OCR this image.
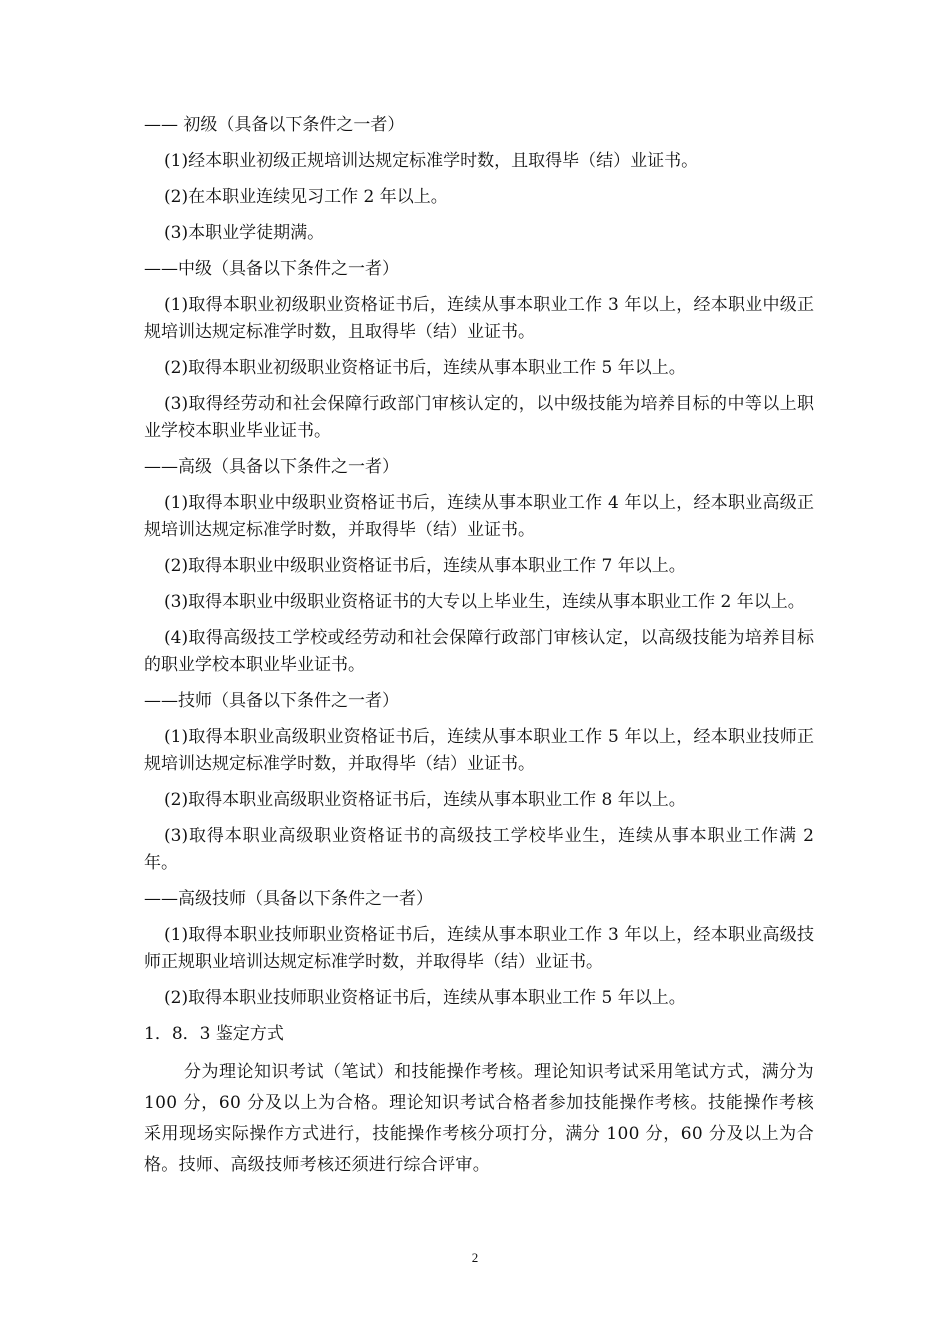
—— 初级（具备以下条件之一者）

(1)经本职业初级正规培训达规定标准学时数，且取得毕（结）业证书。

(2)在本职业连续见习工作 2 年以上。

(3)本职业学徒期满。

——中级（具备以下条件之一者）

(1)取得本职业初级职业资格证书后，连续从事本职业工作 3 年以上，经本职业中级正规培训达规定标准学时数，且取得毕（结）业证书。

(2)取得本职业初级职业资格证书后，连续从事本职业工作 5 年以上。

(3)取得经劳动和社会保障行政部门审核认定的，以中级技能为培养目标的中等以上职业学校本职业毕业证书。

——高级（具备以下条件之一者）

(1)取得本职业中级职业资格证书后，连续从事本职业工作 4 年以上，经本职业高级正规培训达规定标准学时数，并取得毕（结）业证书。

(2)取得本职业中级职业资格证书后，连续从事本职业工作 7 年以上。

(3)取得本职业中级职业资格证书的大专以上毕业生，连续从事本职业工作 2 年以上。

(4)取得高级技工学校或经劳动和社会保障行政部门审核认定，以高级技能为培养目标的职业学校本职业毕业证书。

——技师（具备以下条件之一者）

(1)取得本职业高级职业资格证书后，连续从事本职业工作 5 年以上，经本职业技师正规培训达规定标准学时数，并取得毕（结）业证书。

(2)取得本职业高级职业资格证书后，连续从事本职业工作 8 年以上。

(3)取得本职业高级职业资格证书的高级技工学校毕业生，连续从事本职业工作满 2 年。

——高级技师（具备以下条件之一者）

(1)取得本职业技师职业资格证书后，连续从事本职业工作 3 年以上，经本职业高级技师正规职业培训达规定标准学时数，并取得毕（结）业证书。

(2)取得本职业技师职业资格证书后，连续从事本职业工作 5 年以上。

1．8．3 鉴定方式

分为理论知识考试（笔试）和技能操作考核。理论知识考试采用笔试方式，满分为 100 分，60 分及以上为合格。理论知识考试合格者参加技能操作考核。技能操作考核采用现场实际操作方式进行，技能操作考核分项打分，满分 100 分，60 分及以上为合格。技师、高级技师考核还须进行综合评审。

2
